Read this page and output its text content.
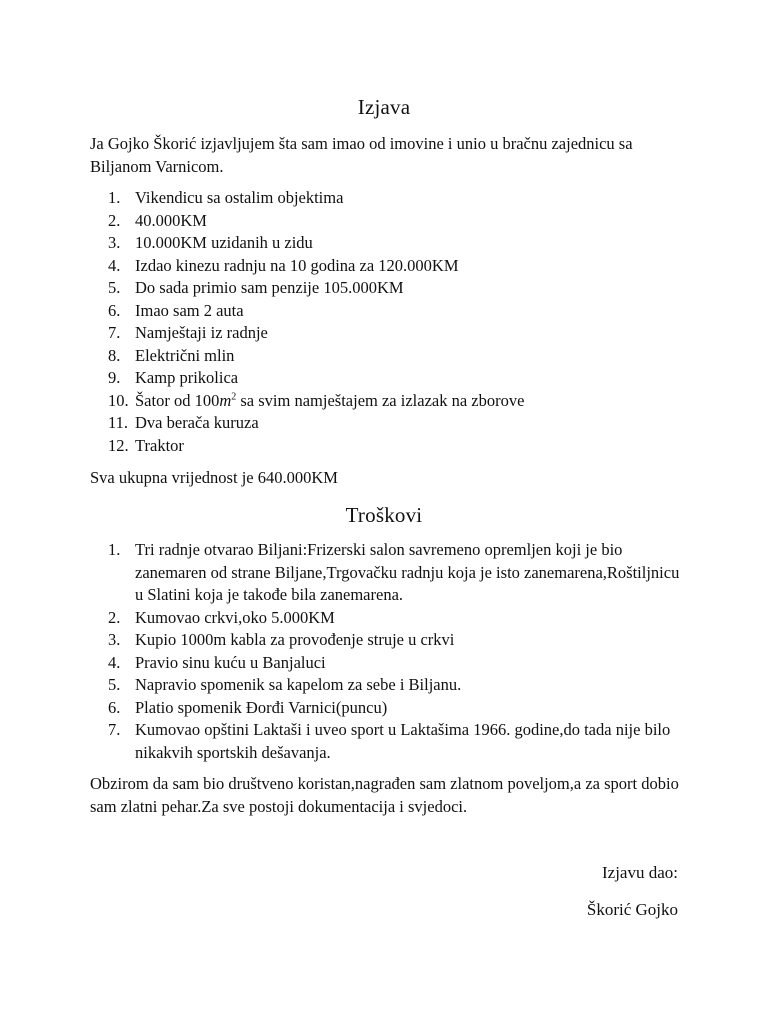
Izjava
Ja Gojko Škorić izjavljujem šta sam imao od imovine i unio u bračnu zajednicu sa Biljanom Varnicom.
1. Vikendicu sa ostalim objektima
2. 40.000KM
3. 10.000KM uzidanih u zidu
4. Izdao kinezu radnju na 10 godina za 120.000KM
5. Do sada primio sam penzije 105.000KM
6. Imao sam 2 auta
7. Namještaji iz radnje
8. Električni mlin
9. Kamp prikolica
10. Šator od $100m^2$ sa svim namještajem za izlazak na zborove
11. Dva berača kuruza
12. Traktor
Sva ukupna vrijednost je 640.000KM
Troškovi
1. Tri radnje otvarao Biljani:Frizerski salon savremeno opremljen koji je bio zanemaren od strane Biljane,Trgovačku radnju koja je isto zanemarena,Roštiljnicu u Slatini koja je takođe bila zanemarena.
2. Kumovao crkvi,oko 5.000KM
3. Kupio 1000m kabla za provođenje struje u crkvi
4. Pravio sinu kuću u Banjaluci
5. Napravio spomenik sa kapelom za sebe i Biljanu.
6. Platio spomenik Đorđi Varnici(puncu)
7. Kumovao opštini Laktaši i uveo sport u Laktašima 1966. godine,do tada nije bilo nikakvih sportskih dešavanja.
Obzirom da sam bio društveno koristan,nagrađen sam zlatnom poveljom,a za sport dobio sam zlatni pehar.Za sve postoji dokumentacija i svjedoci.
Izjavu dao:
Škorić Gojko
